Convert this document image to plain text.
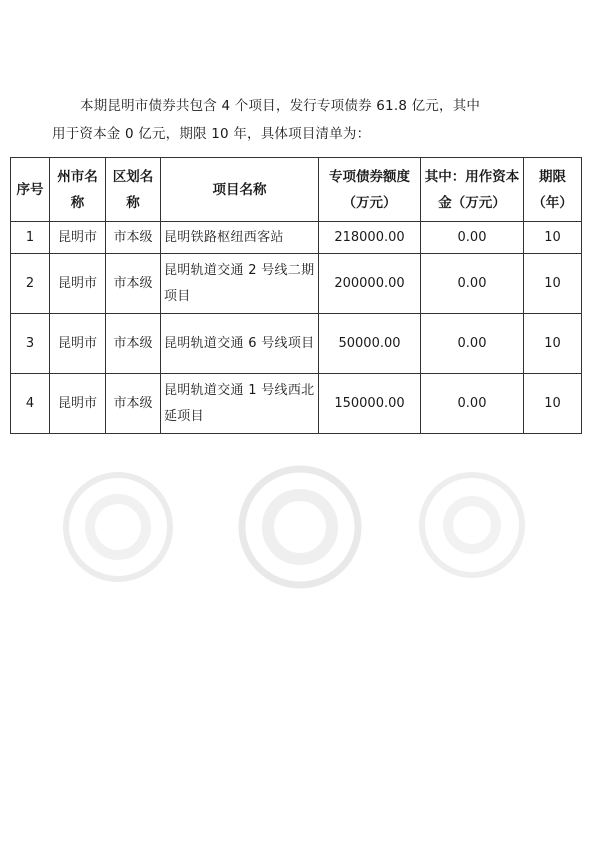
本期昆明市债券共包含 4 个项目，发行专项债券 61.8 亿元，其中
用于资本金 0 亿元，期限 10 年，具体项目清单为：
序号	州市名称	区划名称	项目名称	专项债券额度（万元）	其中：用作资本金（万元）	期限（年）
1	昆明市	市本级	昆明铁路枢纽西客站	218000.00	0.00	10
2	昆明市	市本级	昆明轨道交通 2 号线二期项目	200000.00	0.00	10
3	昆明市	市本级	昆明轨道交通 6 号线项目	50000.00	0.00	10
4	昆明市	市本级	昆明轨道交通 1 号线西北延项目	150000.00	0.00	10
